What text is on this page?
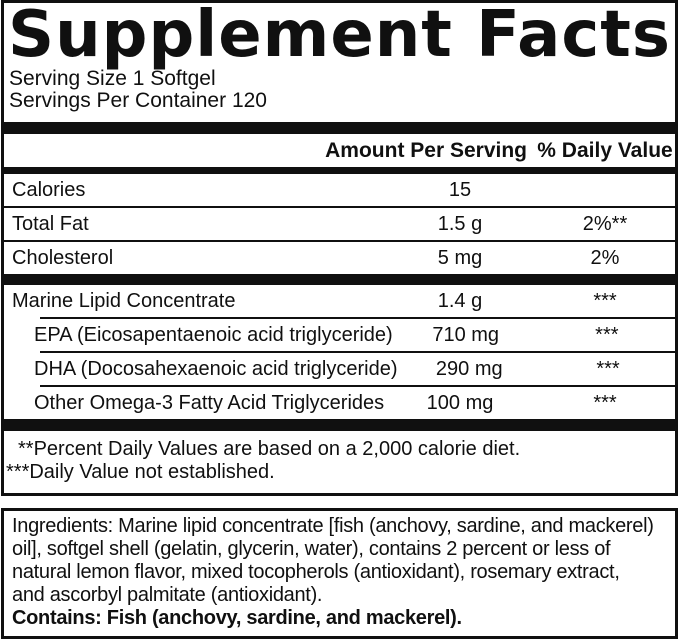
Supplement Facts
Serving Size 1 Softgel
Servings Per Container 120
Amount Per Serving % Daily Value
Calories	15
Total Fat	1.5 g	2%**
Cholesterol	5 mg	2%
Marine Lipid Concentrate	1.4 g	***
EPA (Eicosapentaenoic acid triglyceride)	710 mg	***
DHA (Docosahexaenoic acid triglyceride)	290 mg	***
Other Omega-3 Fatty Acid Triglycerides	100 mg	***
**Percent Daily Values are based on a 2,000 calorie diet.
***Daily Value not established.
Ingredients: Marine lipid concentrate [fish (anchovy, sardine, and mackerel)
oil], softgel shell (gelatin, glycerin, water), contains 2 percent or less of
natural lemon flavor, mixed tocopherols (antioxidant), rosemary extract,
and ascorbyl palmitate (antioxidant).
Contains: Fish (anchovy, sardine, and mackerel).
